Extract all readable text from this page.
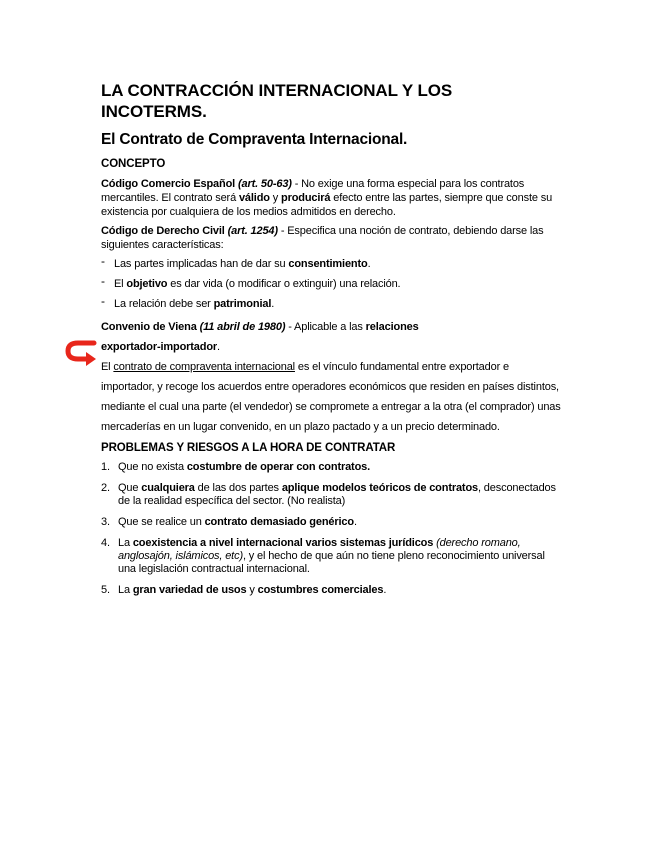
LA CONTRACCIÓN INTERNACIONAL Y LOS INCOTERMS.
El Contrato de Compraventa Internacional.
CONCEPTO

Código Comercio Español (art. 50-63) - No exige una forma especial para los contratos mercantiles. El contrato será válido y producirá efecto entre las partes, siempre que conste su existencia por cualquiera de los medios admitidos en derecho.

Código de Derecho Civil (art. 1254) - Especifica una noción de contrato, debiendo darse las siguientes características:

- Las partes implicadas han de dar su consentimiento.
- El objetivo es dar vida (o modificar o extinguir) una relación.
- La relación debe ser patrimonial.

Convenio de Viena (11 abril de 1980) - Aplicable a las relaciones
exportador-importador.

El contrato de compraventa internacional es el vínculo fundamental entre exportador e importador, y recoge los acuerdos entre operadores económicos que residen en países distintos, mediante el cual una parte (el vendedor) se compromete a entregar a la otra (el comprador) unas mercaderías en un lugar convenido, en un plazo pactado y a un precio determinado.

PROBLEMAS Y RIESGOS A LA HORA DE CONTRATAR
1. Que no exista costumbre de operar con contratos.
2. Que cualquiera de las dos partes aplique modelos teóricos de contratos, desconectados de la realidad específica del sector. (No realista)
3. Que se realice un contrato demasiado genérico.
4. La coexistencia a nivel internacional varios sistemas jurídicos (derecho romano, anglosajón, islámicos, etc), y el hecho de que aún no tiene pleno reconocimiento universal una legislación contractual internacional.
5. La gran variedad de usos y costumbres comerciales.
